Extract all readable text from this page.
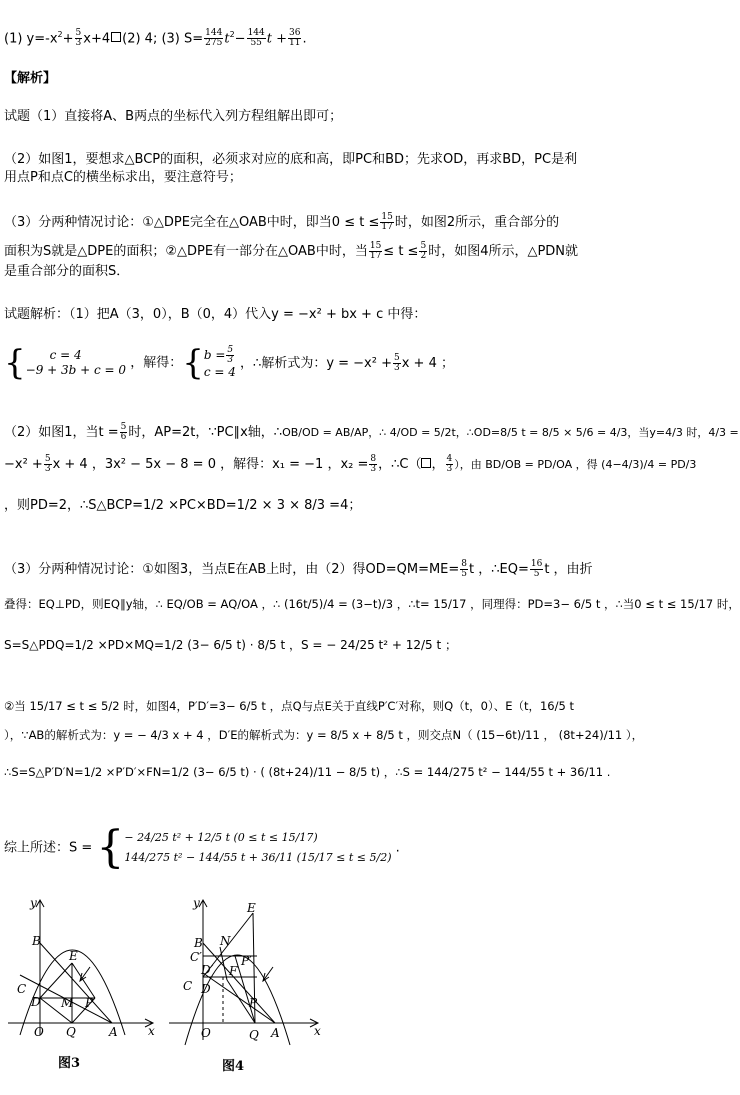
(1) $y=-x^2+ \frac{5}{3} x+4$ (2) 4; (3) $S= \frac{144}{275} t^2- \frac{144}{55}$ $t + \frac{36}{11}$ .
【解析】
试题（1）直接将A、B两点的坐标代入列方程组解出即可；
（2）如图1，要想求△BCP的面积，必须求对应的底和高，即PC和BD；先求OD，再求BD，PC是利
用点P和点C的横坐标求出，要注意符号；
（3）分两种情况讨论：①△DPE完全在△OAB中时，即当$0 \le t \le \frac{15}{17}$ 时，如图2所示，重合部分的
面积为S就是△DPE的面积；②△DPE有一部分在△OAB中时，当 $\frac{15}{17} \le t \le \frac{5}{2}$ 时，如图4所示，△PDN就
是重合部分的面积S．
试题解析：（1）把A（3，0），B（0，4）代入y = −x² + bx + c 中得：
{	c = 4
−9 + 3b + c = 0 ，解得：{ $b = \frac{5}{3}$
c = 4
，∴解析式为：$y = -x^2 + \frac{5}{3}$ x + 4 ；
（2）如图1，当$t = \frac{5}{6}$ 时，AP=2t，∵PC∥x轴，∴OB/OD = AB/AP，∴ 4/OD = 5/2t，∴OD=8/5 t = 8/5 × 5/6 = 4/3，当y=4/3 时，4/3 =
$-x^2 + \frac{5}{3}$ x + 4 ，3x² − 5x − 8 = 0 ，解得：x₁ = −1 ，$x_2 = \frac{8}{3}$ ，∴C（ ， $\frac{4}{3}$ ），由 BD/OB = PD/OA ，得 (4−4/3)/4 = PD/3
，则PD=2，∴S△BCP=1/2 ×PC×BD=1/2 × 3 × 8/3 =4；
（3）分两种情况讨论：①如图3，当点E在AB上时，由（2）得$OD=QM=ME= \frac{8}{5}$ t ，∴EQ= $\frac{16}{5}$ t ，由折
叠得：EQ⊥PD，则EQ∥y轴，∴ EQ/OB = AQ/OA ，∴ (16t/5)/4 = (3−t)/3 ，∴t= 15/17 ，同理得：PD=3− 6/5 t ，∴当0 ≤ t ≤ 15/17 时，
S=S△PDQ=1/2 ×PD×MQ=1/2 (3− 6/5 t) · 8/5 t ，S = − 24/25 t² + 12/5 t ；
②当 15/17 ≤ t ≤ 5/2 时，如图4，P′D′=3− 6/5 t ，点Q与点E关于直线P′C′对称，则Q（t，0）、E（t，16/5 t
），∵AB的解析式为：y = − 4/3 x + 4 ，D′E的解析式为：y = 8/5 x + 8/5 t ，则交点N（ (15−6t)/11 ， (8t+24)/11 ），
∴S=S△P′D′N=1/2 ×P′D′×FN=1/2 (3− 6/5 t) · ( (8t+24)/11 − 8/5 t) ，∴S = 144/275 t² − 144/55 t + 36/11 .
综上所述：S = { − 24/25 t² + 12/5 t (0 ≤ t ≤ 15/17)
144/275 t² − 144/55 t + 36/11 (15/17 ≤ t ≤ 5/2)
.
y
x
B
C
D
E
M P
O Q	A
图3
y
x
E
B N
C′	P′
D′ F
C D
P
O	Q A
图4
